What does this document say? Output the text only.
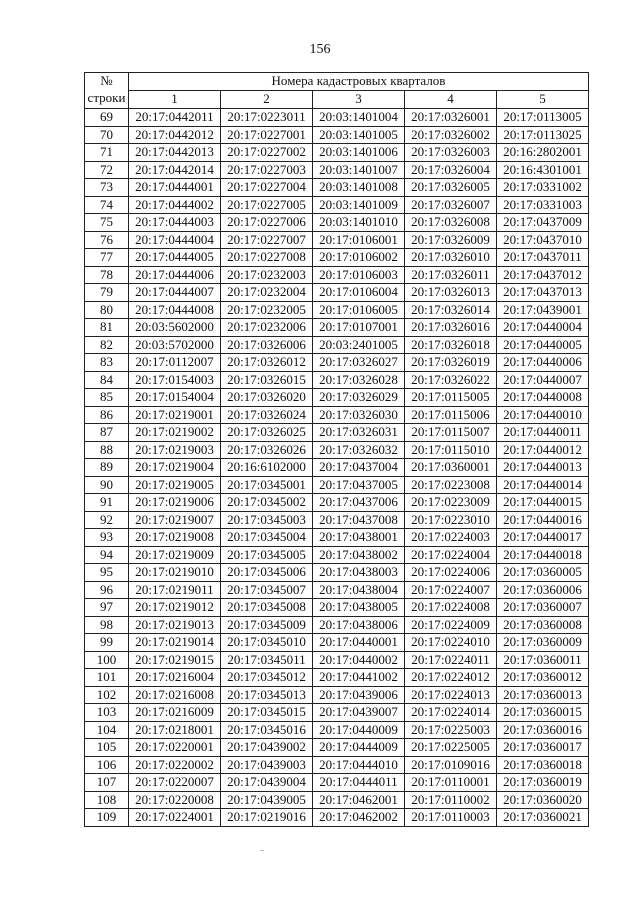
156
№
строки	Номера кадастровых кварталов				
	1	2	3	4	5
69	20:17:0442011	20:17:0223011	20:03:1401004	20:17:0326001	20:17:0113005
70	20:17:0442012	20:17:0227001	20:03:1401005	20:17:0326002	20:17:0113025
71	20:17:0442013	20:17:0227002	20:03:1401006	20:17:0326003	20:16:2802001
72	20:17:0442014	20:17:0227003	20:03:1401007	20:17:0326004	20:16:4301001
73	20:17:0444001	20:17:0227004	20:03:1401008	20:17:0326005	20:17:0331002
74	20:17:0444002	20:17:0227005	20:03:1401009	20:17:0326007	20:17:0331003
75	20:17:0444003	20:17:0227006	20:03:1401010	20:17:0326008	20:17:0437009
76	20:17:0444004	20:17:0227007	20:17:0106001	20:17:0326009	20:17:0437010
77	20:17:0444005	20:17:0227008	20:17:0106002	20:17:0326010	20:17:0437011
78	20:17:0444006	20:17:0232003	20:17:0106003	20:17:0326011	20:17:0437012
79	20:17:0444007	20:17:0232004	20:17:0106004	20:17:0326013	20:17:0437013
80	20:17:0444008	20:17:0232005	20:17:0106005	20:17:0326014	20:17:0439001
81	20:03:5602000	20:17:0232006	20:17:0107001	20:17:0326016	20:17:0440004
82	20:03:5702000	20:17:0326006	20:03:2401005	20:17:0326018	20:17:0440005
83	20:17:0112007	20:17:0326012	20:17:0326027	20:17:0326019	20:17:0440006
84	20:17:0154003	20:17:0326015	20:17:0326028	20:17:0326022	20:17:0440007
85	20:17:0154004	20:17:0326020	20:17:0326029	20:17:0115005	20:17:0440008
86	20:17:0219001	20:17:0326024	20:17:0326030	20:17:0115006	20:17:0440010
87	20:17:0219002	20:17:0326025	20:17:0326031	20:17:0115007	20:17:0440011
88	20:17:0219003	20:17:0326026	20:17:0326032	20:17:0115010	20:17:0440012
89	20:17:0219004	20:16:6102000	20:17:0437004	20:17:0360001	20:17:0440013
90	20:17:0219005	20:17:0345001	20:17:0437005	20:17:0223008	20:17:0440014
91	20:17:0219006	20:17:0345002	20:17:0437006	20:17:0223009	20:17:0440015
92	20:17:0219007	20:17:0345003	20:17:0437008	20:17:0223010	20:17:0440016
93	20:17:0219008	20:17:0345004	20:17:0438001	20:17:0224003	20:17:0440017
94	20:17:0219009	20:17:0345005	20:17:0438002	20:17:0224004	20:17:0440018
95	20:17:0219010	20:17:0345006	20:17:0438003	20:17:0224006	20:17:0360005
96	20:17:0219011	20:17:0345007	20:17:0438004	20:17:0224007	20:17:0360006
97	20:17:0219012	20:17:0345008	20:17:0438005	20:17:0224008	20:17:0360007
98	20:17:0219013	20:17:0345009	20:17:0438006	20:17:0224009	20:17:0360008
99	20:17:0219014	20:17:0345010	20:17:0440001	20:17:0224010	20:17:0360009
100	20:17:0219015	20:17:0345011	20:17:0440002	20:17:0224011	20:17:0360011
101	20:17:0216004	20:17:0345012	20:17:0441002	20:17:0224012	20:17:0360012
102	20:17:0216008	20:17:0345013	20:17:0439006	20:17:0224013	20:17:0360013
103	20:17:0216009	20:17:0345015	20:17:0439007	20:17:0224014	20:17:0360015
104	20:17:0218001	20:17:0345016	20:17:0440009	20:17:0225003	20:17:0360016
105	20:17:0220001	20:17:0439002	20:17:0444009	20:17:0225005	20:17:0360017
106	20:17:0220002	20:17:0439003	20:17:0444010	20:17:0109016	20:17:0360018
107	20:17:0220007	20:17:0439004	20:17:0444011	20:17:0110001	20:17:0360019
108	20:17:0220008	20:17:0439005	20:17:0462001	20:17:0110002	20:17:0360020
109	20:17:0224001	20:17:0219016	20:17:0462002	20:17:0110003	20:17:0360021
